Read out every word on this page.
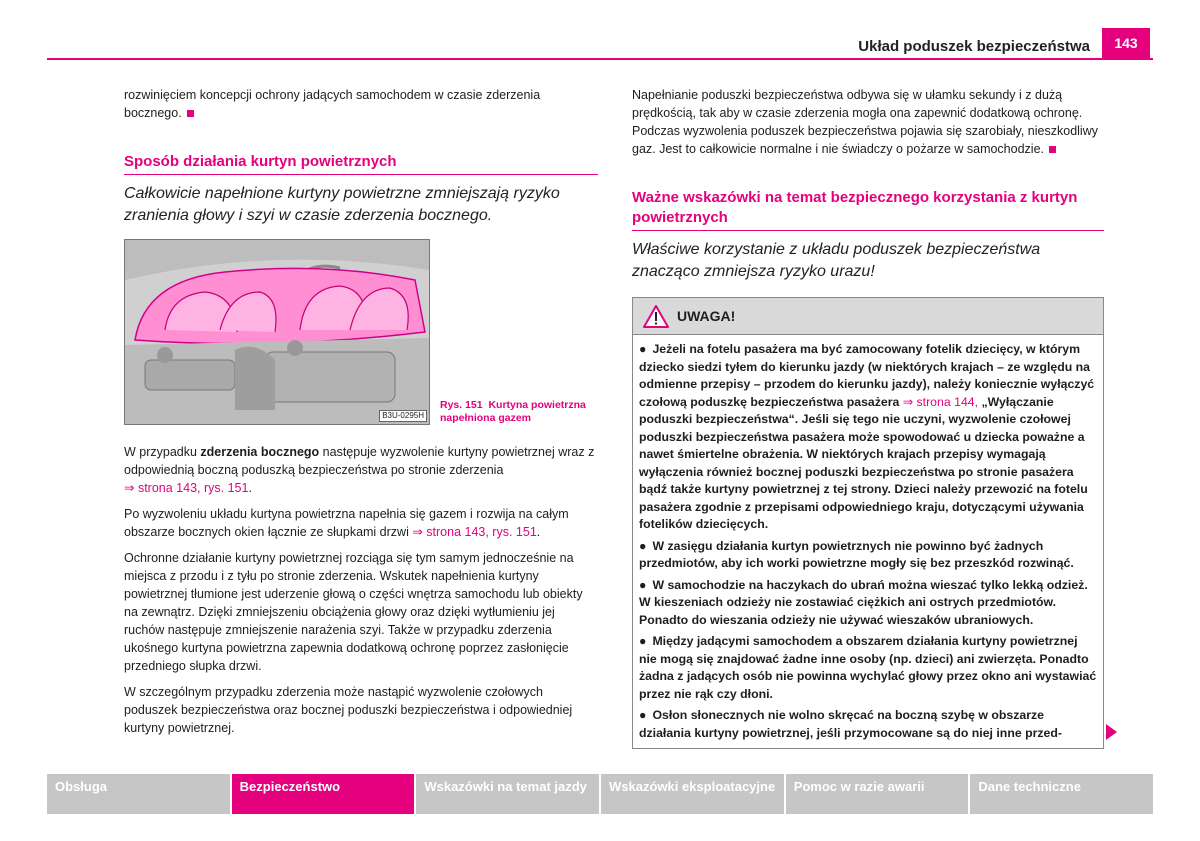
Układ poduszek bezpieczeństwa	143

rozwinięciem koncepcji ochrony jadących samochodem w czasie zderzenia bocznego.

Sposób działania kurtyn powietrznych
Całkowicie napełnione kurtyny powietrzne zmniejszają ryzyko zranienia głowy i szyi w czasie zderzenia bocznego.
B3U-0295H
Rys. 151 Kurtyna powietrzna napełniona gazem

W przypadku zderzenia bocznego następuje wyzwolenie kurtyny powietrznej wraz z odpowiednią boczną poduszką bezpieczeństwa po stronie zderzenia
⇒ strona 143, rys. 151.

Po wyzwoleniu układu kurtyna powietrzna napełnia się gazem i rozwija na całym obszarze bocznych okien łącznie ze słupkami drzwi ⇒ strona 143, rys. 151.

Ochronne działanie kurtyny powietrznej rozciąga się tym samym jednocześnie na miejsca z przodu i z tyłu po stronie zderzenia. Wskutek napełnienia kurtyny powietrznej tłumione jest uderzenie głową o części wnętrza samochodu lub obiekty na zewnątrz. Dzięki zmniejszeniu obciążenia głowy oraz dzięki wytłumieniu jej ruchów następuje zmniejszenie narażenia szyi. Także w przypadku zderzenia ukośnego kurtyna powietrzna zapewnia dodatkową ochronę poprzez zasłonięcie przedniego słupka drzwi.

W szczególnym przypadku zderzenia może nastąpić wyzwolenie czołowych poduszek bezpieczeństwa oraz bocznej poduszki bezpieczeństwa i odpowiedniej kurtyny powietrznej.

Napełnianie poduszki bezpieczeństwa odbywa się w ułamku sekundy i z dużą prędkością, tak aby w czasie zderzenia mogła ona zapewnić dodatkową ochronę. Podczas wyzwolenia poduszek bezpieczeństwa pojawia się szarobiały, nieszkodliwy gaz. Jest to całkowicie normalne i nie świadczy o pożarze w samochodzie.

Ważne wskazówki na temat bezpiecznego korzystania z kurtyn powietrznych
Właściwe korzystanie z układu poduszek bezpieczeństwa znacząco zmniejsza ryzyko urazu!
UWAGA!

● Jeżeli na fotelu pasażera ma być zamocowany fotelik dziecięcy, w którym dziecko siedzi tyłem do kierunku jazdy (w niektórych krajach – ze względu na odmienne przepisy – przodem do kierunku jazdy), należy koniecznie wyłączyć czołową poduszkę bezpieczeństwa pasażera ⇒ strona 144, „Wyłączanie poduszki bezpieczeństwa“. Jeśli się tego nie uczyni, wyzwolenie czołowej poduszki bezpieczeństwa pasażera może spowodować u dziecka poważne a nawet śmiertelne obrażenia. W niektórych krajach przepisy wymagają wyłączenia również bocznej poduszki bezpieczeństwa po stronie pasażera bądź także kurtyny powietrznej z tej strony. Dzieci należy przewozić na fotelu pasażera zgodnie z przepisami odpowiedniego kraju, dotyczącymi używania fotelików dziecięcych.

● W zasięgu działania kurtyn powietrznych nie powinno być żadnych przedmiotów, aby ich worki powietrzne mogły się bez przeszkód rozwinąć.

● W samochodzie na haczykach do ubrań można wieszać tylko lekką odzież. W kieszeniach odzieży nie zostawiać ciężkich ani ostrych przedmiotów. Ponadto do wieszania odzieży nie używać wieszaków ubraniowych.

● Między jadącymi samochodem a obszarem działania kurtyny powietrznej nie mogą się znajdować żadne inne osoby (np. dzieci) ani zwierzęta. Ponadto żadna z jadących osób nie powinna wychylać głowy przez okno ani wystawiać przez nie rąk czy dłoni.

● Osłon słonecznych nie wolno skręcać na boczną szybę w obszarze działania kurtyny powietrznej, jeśli przymocowane są do niej inne przed-

Obsługa	Bezpieczeństwo	Wskazówki na temat jazdy	Wskazówki eksploatacyjne	Pomoc w razie awarii	Dane techniczne
